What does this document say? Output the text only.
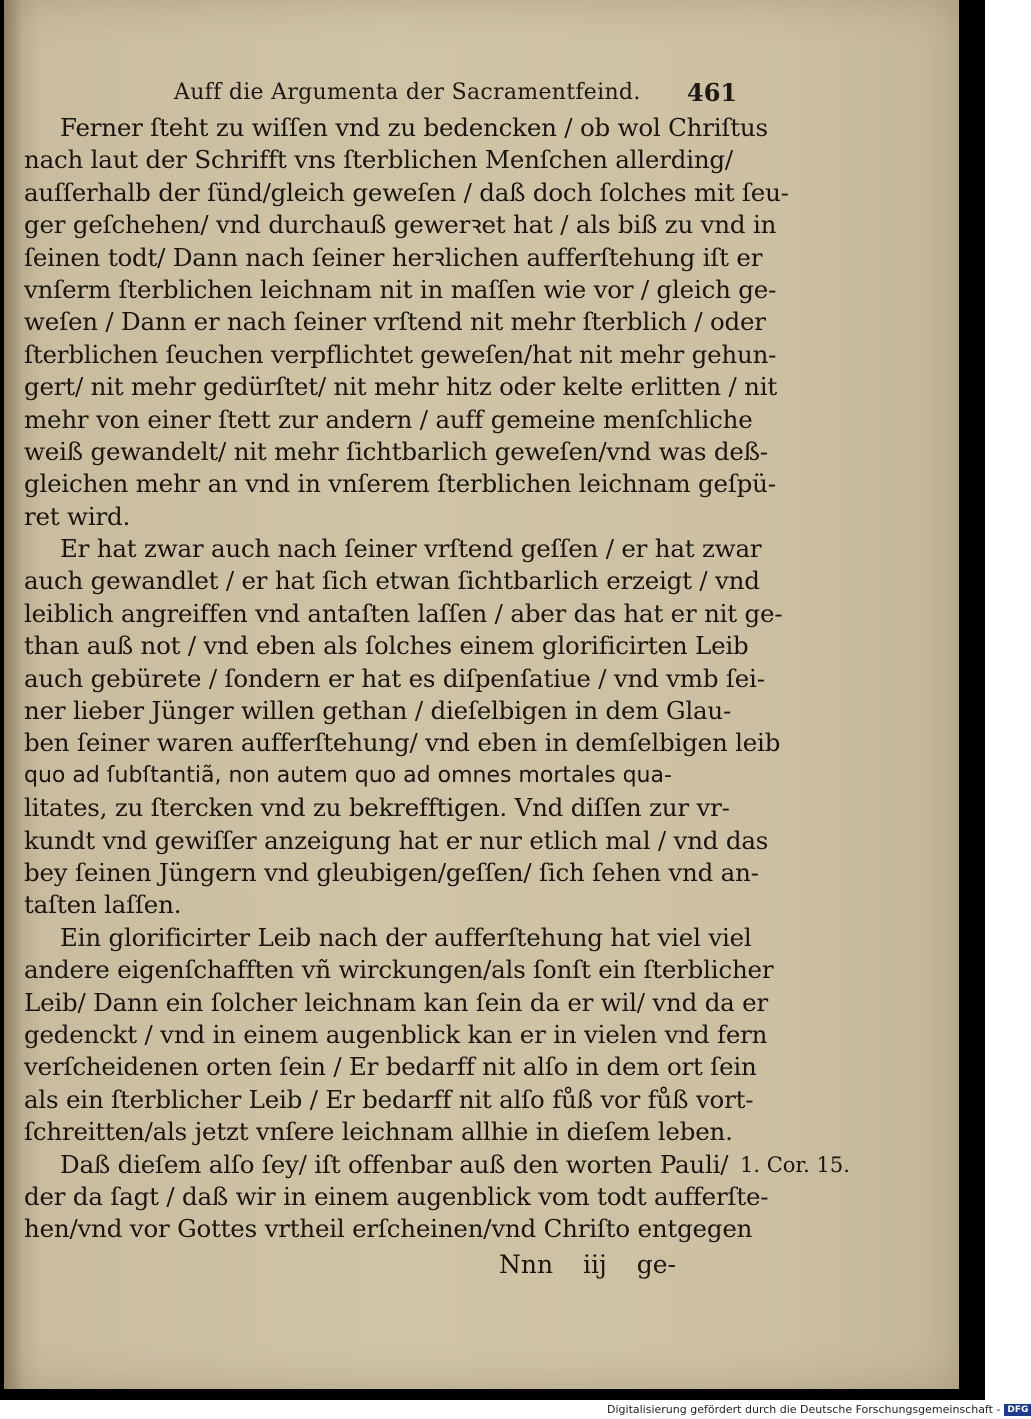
Auff die Argumenta der Sacramentfeind.	461
Ferner ſteht zu wiſſen vnd zu bedencken / ob wol Chriſtus
nach laut der Schrifft vns ſterblichen Menſchen allerding/
auſſerhalb der ſünd/gleich geweſen / daß doch ſolches mit ſeu-
ger geſchehen/ vnd durchauß gewerꝛet hat / als biß zu vnd in
ſeinen todt/ Dann nach ſeiner herꝛlichen aufferſtehung iſt er
vnſerm ſterblichen leichnam nit in maſſen wie vor / gleich ge-
weſen / Dann er nach ſeiner vrſtend nit mehr ſterblich / oder
ſterblichen ſeuchen verpflichtet geweſen/hat nit mehr gehun-
gert/ nit mehr gedürſtet/ nit mehr hitz oder kelte erlitten / nit
mehr von einer ſtett zur andern / auff gemeine menſchliche
weiß gewandelt/ nit mehr ſichtbarlich geweſen/vnd was deß-
gleichen mehr an vnd in vnſerem ſterblichen leichnam geſpü-
ret wird.
Er hat zwar auch nach ſeiner vrſtend geſſen / er hat zwar
auch gewandlet / er hat ſich etwan ſichtbarlich erzeigt / vnd
leiblich angreiffen vnd antaſten laſſen / aber das hat er nit ge-
than auß not / vnd eben als ſolches einem glorificirten Leib
auch gebürete / ſondern er hat es diſpenſatiue / vnd vmb ſei-
ner lieber Jünger willen gethan / dieſelbigen in dem Glau-
ben ſeiner waren aufferſtehung/ vnd eben in demſelbigen leib
quo ad ſubſtantiã, non autem quo ad omnes mortales qua-
litates, zu ſtercken vnd zu bekrefftigen. Vnd diſſen zur vr-
kundt vnd gewiſſer anzeigung hat er nur etlich mal / vnd das
bey ſeinen Jüngern vnd gleubigen/geſſen/ ſich ſehen vnd an-
taſten laſſen.
Ein glorificirter Leib nach der aufferſtehung hat viel viel
andere eigenſchafften vñ wirckungen/als ſonſt ein ſterblicher
Leib/ Dann ein ſolcher leichnam kan ſein da er wil/ vnd da er
gedenckt / vnd in einem augenblick kan er in vielen vnd fern
verſcheidenen orten ſein / Er bedarff nit alſo in dem ort ſein
als ein ſterblicher Leib / Er bedarff nit alſo fůß vor fůß vort-
ſchreitten/als jetzt vnſere leichnam allhie in dieſem leben.
Daß dieſem alſo ſey/ iſt offenbar auß den worten Pauli/
der da ſagt / daß wir in einem augenblick vom todt aufferſte-
hen/vnd vor Gottes vrtheil erſcheinen/vnd Chriſto entgegen
1. Cor. 15.
Nnn iij ge-
Digitalisierung gefördert durch die Deutsche Forschungsgemeinschaft - DFG
